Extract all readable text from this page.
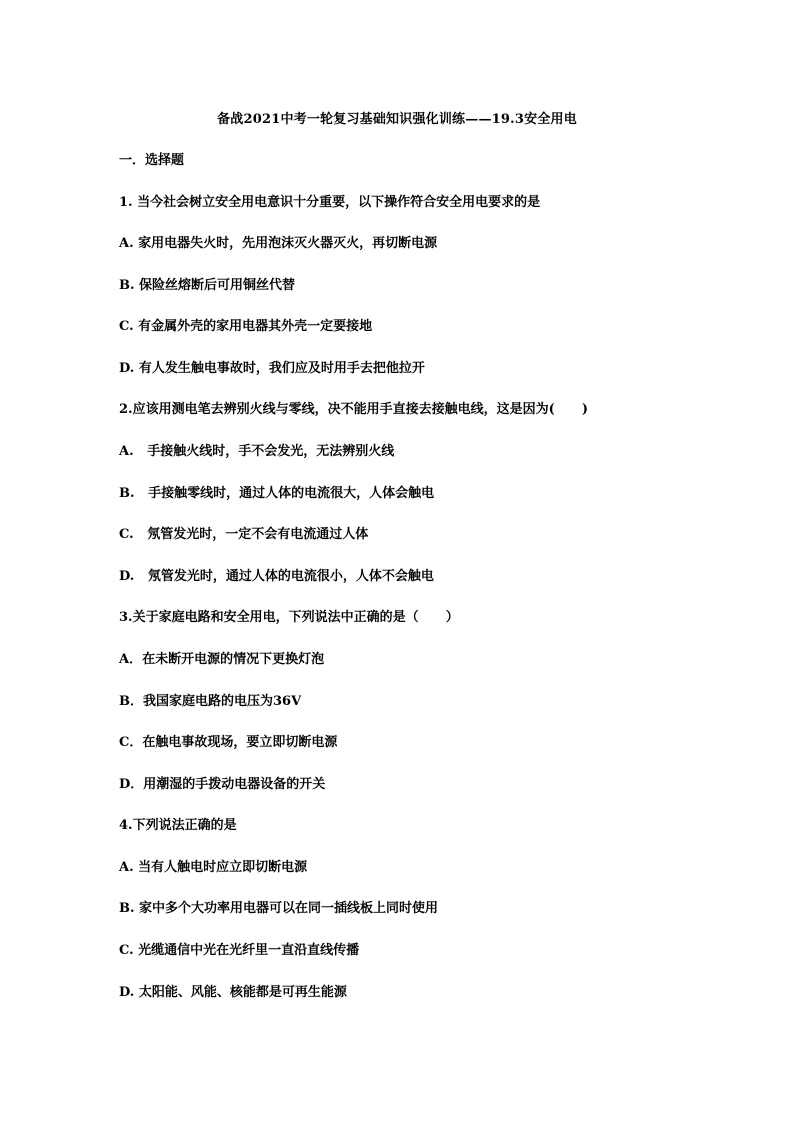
备战2021中考一轮复习基础知识强化训练——19.3安全用电
一．选择题
1. 当今社会树立安全用电意识十分重要，以下操作符合安全用电要求的是
A. 家用电器失火时，先用泡沫灭火器灭火，再切断电源
B. 保险丝熔断后可用铜丝代替
C. 有金属外壳的家用电器其外壳一定要接地
D. 有人发生触电事故时，我们应及时用手去把他拉开
2.应该用测电笔去辨别火线与零线，决不能用手直接去接触电线，这是因为(      )
A.   手接触火线时，手不会发光，无法辨别火线
B.   手接触零线时，通过人体的电流很大，人体会触电
C.   氖管发光时，一定不会有电流通过人体
D.   氖管发光时，通过人体的电流很小，人体不会触电
3.关于家庭电路和安全用电，下列说法中正确的是（      ）
A．在未断开电源的情况下更换灯泡
B．我国家庭电路的电压为36V
C．在触电事故现场，要立即切断电源
D．用潮湿的手拨动电器设备的开关
4.下列说法正确的是
A. 当有人触电时应立即切断电源
B. 家中多个大功率用电器可以在同一插线板上同时使用
C. 光缆通信中光在光纤里一直沿直线传播
D. 太阳能、风能、核能都是可再生能源
